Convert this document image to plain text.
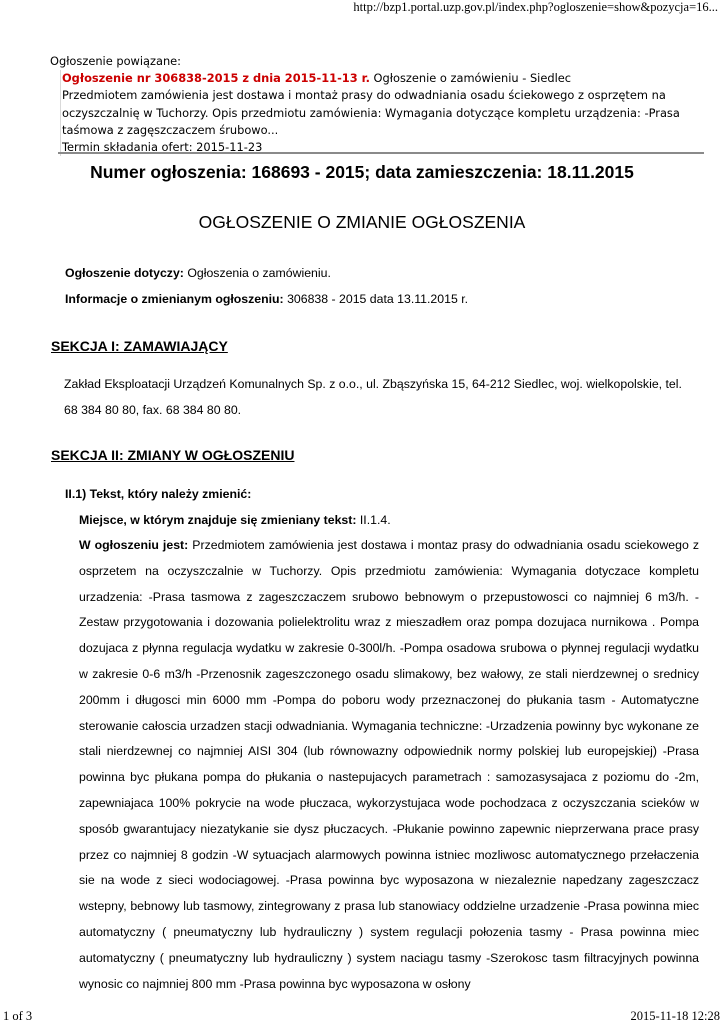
http://bzp1.portal.uzp.gov.pl/index.php?ogloszenie=show&pozycja=16...
Ogłoszenie powiązane:
Ogłoszenie nr 306838-2015 z dnia 2015-11-13 r. Ogłoszenie o zamówieniu - Siedlec
Przedmiotem zamówienia jest dostawa i montaż prasy do odwadniania osadu ściekowego z osprzętem na
oczyszczalnię w Tuchorzy. Opis przedmiotu zamówienia: Wymagania dotyczące kompletu urządzenia: -Prasa
taśmowa z zagęszczaczem śrubowo...
Termin składania ofert: 2015-11-23
Numer ogłoszenia: 168693 - 2015; data zamieszczenia: 18.11.2015
OGŁOSZENIE O ZMIANIE OGŁOSZENIA
Ogłoszenie dotyczy: Ogłoszenia o zamówieniu.
Informacje o zmienianym ogłoszeniu: 306838 - 2015 data 13.11.2015 r.
SEKCJA I: ZAMAWIAJĄCY
Zakład Eksploatacji Urządzeń Komunalnych Sp. z o.o., ul. Zbąszyńska 15, 64-212 Siedlec, woj. wielkopolskie, tel.
68 384 80 80, fax. 68 384 80 80.
SEKCJA II: ZMIANY W OGŁOSZENIU
II.1) Tekst, który należy zmienić:
Miejsce, w którym znajduje się zmieniany tekst: II.1.4.

W ogłoszeniu jest: Przedmiotem zamówienia jest dostawa i montaz prasy do odwadniania osadu sciekowego z osprzetem na oczyszczalnie w Tuchorzy. Opis przedmiotu zamówienia: Wymagania dotyczace kompletu urzadzenia: -Prasa tasmowa z zageszczaczem srubowo bebnowym o przepustowosci co najmniej 6 m3/h. -Zestaw przygotowania i dozowania polielektrolitu wraz z mieszadłem oraz pompa dozujaca nurnikowa . Pompa dozujaca z płynna regulacja wydatku w zakresie 0-300l/h. -Pompa osadowa srubowa o płynnej regulacji wydatku w zakresie 0-6 m3/h -Przenosnik zageszczonego osadu slimakowy, bez wałowy, ze stali nierdzewnej o srednicy 200mm i długosci min 6000 mm -Pompa do poboru wody przeznaczonej do płukania tasm - Automatyczne sterowanie całoscia urzadzen stacji odwadniania. Wymagania techniczne: -Urzadzenia powinny byc wykonane ze stali nierdzewnej co najmniej AISI 304 (lub równowazny odpowiednik normy polskiej lub europejskiej) -Prasa powinna byc płukana pompa do płukania o nastepujacych parametrach : samozasysajaca z poziomu do -2m, zapewniajaca 100% pokrycie na wode płuczaca, wykorzystujaca wode pochodzaca z oczyszczania scieków w sposób gwarantujacy niezatykanie sie dysz płuczacych. -Płukanie powinno zapewnic nieprzerwana prace prasy przez co najmniej 8 godzin -W sytuacjach alarmowych powinna istniec mozliwosc automatycznego przełaczenia sie na wode z sieci wodociagowej. -Prasa powinna byc wyposazona w niezaleznie napedzany zageszczacz wstepny, bebnowy lub tasmowy, zintegrowany z prasa lub stanowiacy oddzielne urzadzenie -Prasa powinna miec automatyczny ( pneumatyczny lub hydrauliczny ) system regulacji połozenia tasmy - Prasa powinna miec automatyczny ( pneumatyczny lub hydrauliczny ) system naciagu tasmy -Szerokosc tasm filtracyjnych powinna wynosic co najmniej 800 mm -Prasa powinna byc wyposazona w osłony

1 of 3	2015-11-18 12:28
